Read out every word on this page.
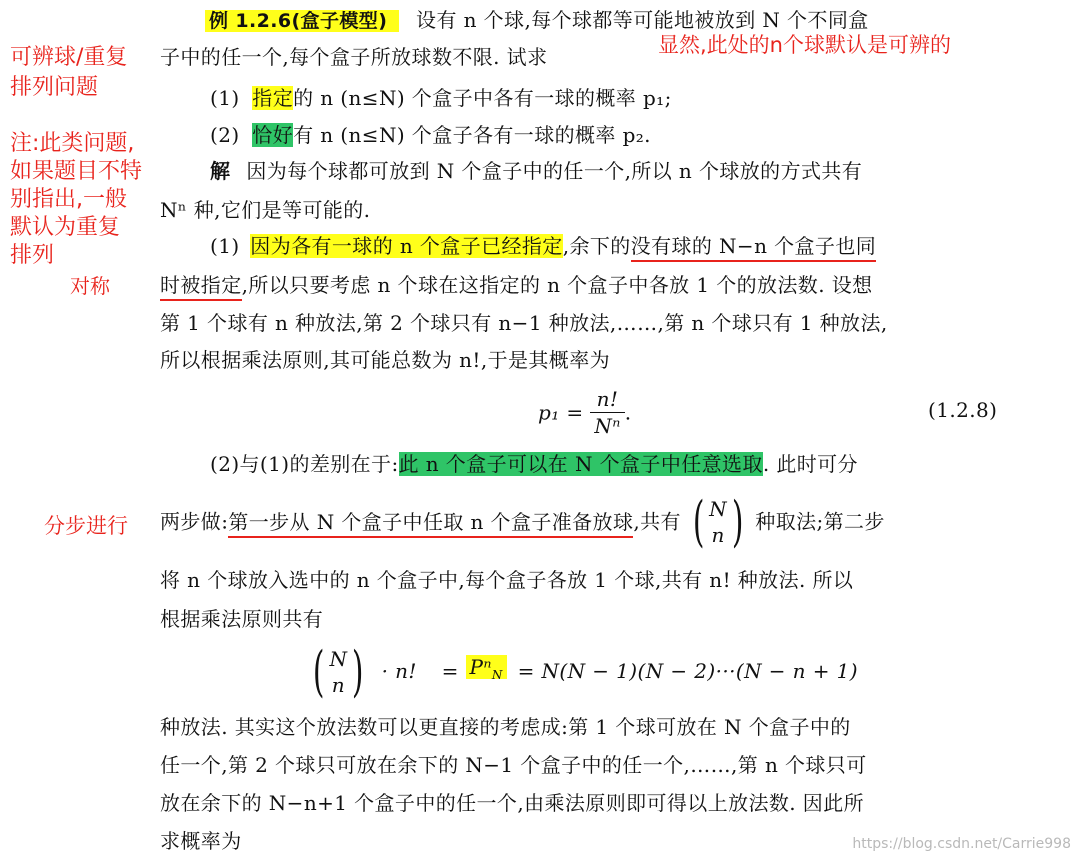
显然,此处的n个球默认是可辨的
可辨球/重复
排列问题
注:此类问题,
如果题目不特
别指出,一般
默认为重复
排列
对称
分步进行
例 1.2.6(盒子模型) 设有 n 个球,每个球都等可能地被放到 N 个不同盒
子中的任一个,每个盒子所放球数不限. 试求
(1) 指定的 n (n≤N) 个盒子中各有一球的概率 p₁;
(2) 恰好有 n (n≤N) 个盒子各有一球的概率 p₂.
解 因为每个球都可放到 N 个盒子中的任一个,所以 n 个球放的方式共有
Nⁿ 种,它们是等可能的.
(1) 因为各有一球的 n 个盒子已经指定,余下的没有球的 N−n 个盒子也同
时被指定,所以只要考虑 n 个球在这指定的 n 个盒子中各放 1 个的放法数. 设想
第 1 个球有 n 种放法,第 2 个球只有 n−1 种放法,……,第 n 个球只有 1 种放法,
所以根据乘法原则,其可能总数为 n!,于是其概率为
$p_1 = \frac{n!}{\text{Nⁿ}}$ .	(1.2.8)
(2)与(1)的差别在于:此 n 个盒子可以在 N 个盒子中任意选取. 此时可分
两步做:第一步从 N 个盒子中任取 n 个盒子准备放球,共有 ( N
n ) 种取法;第二步
将 n 个球放入选中的 n 个盒子中,每个盒子各放 1 个球,共有 n! 种放法. 所以
根据乘法原则共有
( N
n ) · n! = Pⁿ$_N$ = N(N − 1)(N − 2)···(N − n + 1)
种放法. 其实这个放法数可以更直接的考虑成:第 1 个球可放在 N 个盒子中的
任一个,第 2 个球只可放在余下的 N−1 个盒子中的任一个,……,第 n 个球只可
放在余下的 N−n+1 个盒子中的任一个,由乘法原则即可得以上放法数. 因此所
求概率为	https://blog.csdn.net/Carrie998
